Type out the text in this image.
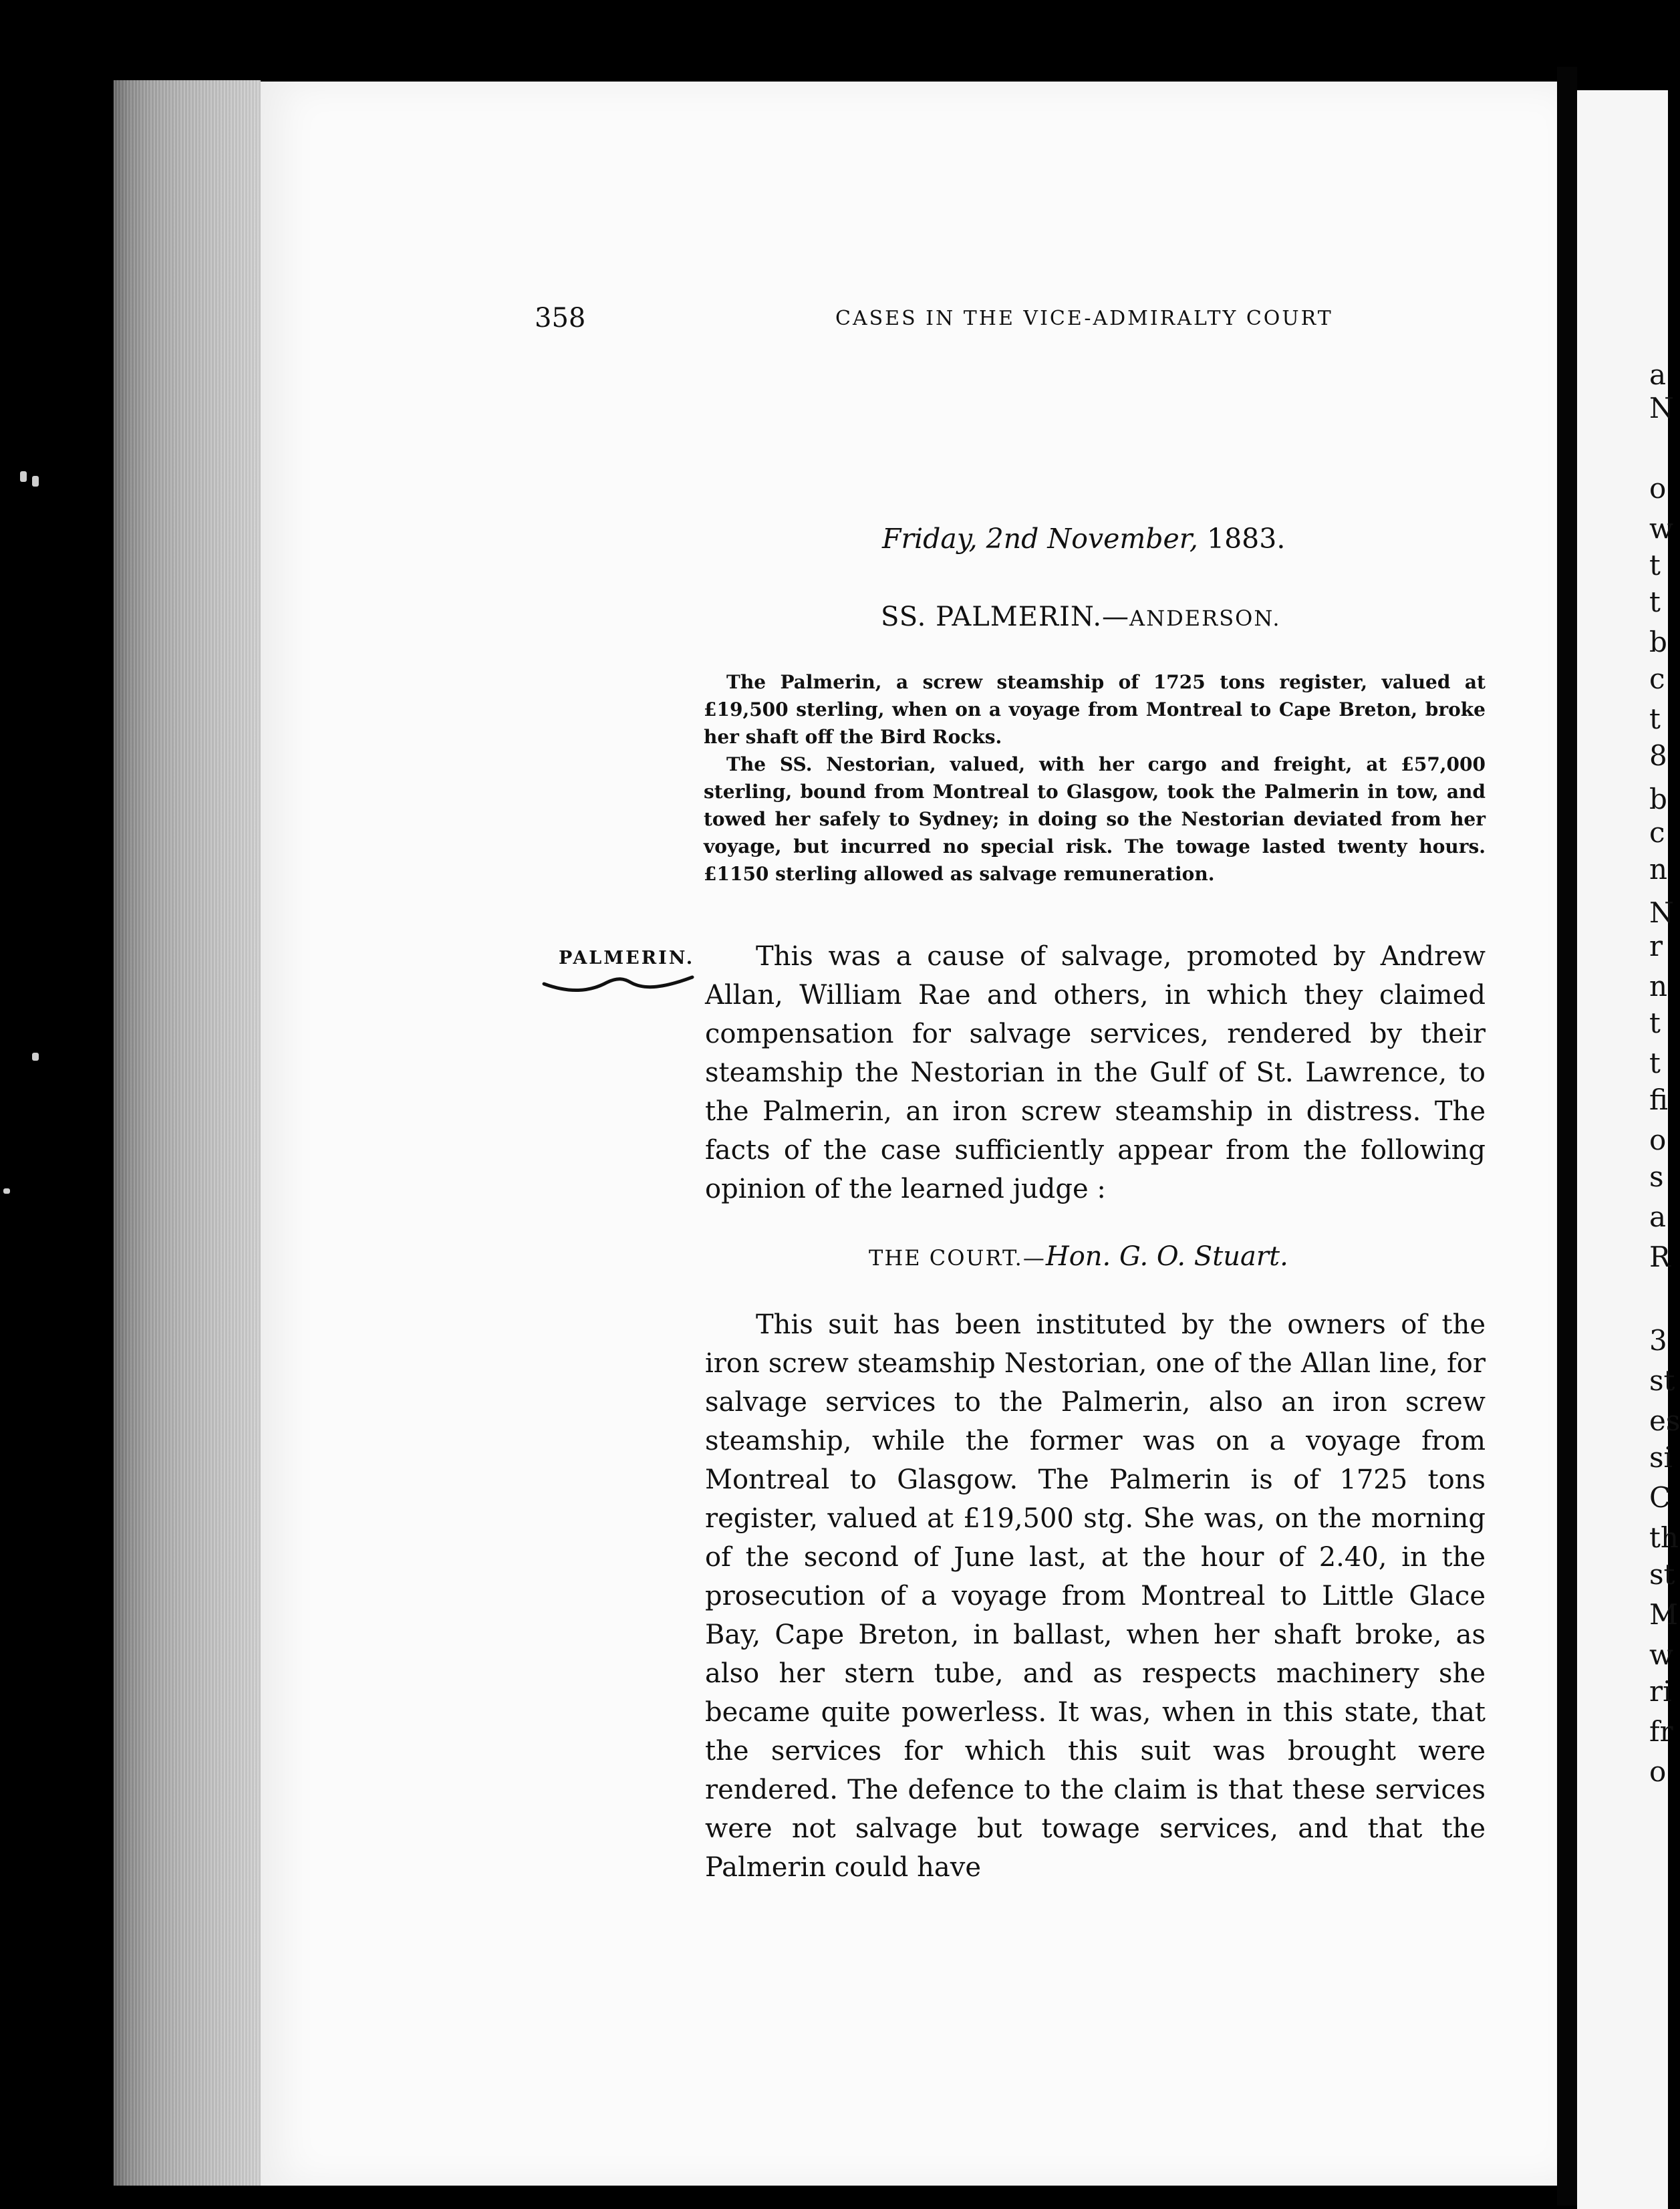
a
N
o
w
t
t
b
c
t
8
b
c
n
N
r
n
t
t
fi
o
s
a
R
3
st
es
si
C
th
st
M
w
ri
fr
o
358	CASES IN THE VICE-ADMIRALTY COURT
Friday, 2nd November, 1883.
SS. PALMERIN.—ANDERSON.

The Palmerin, a screw steamship of 1725 tons register, valued at £19,500 sterling, when on a voyage from Montreal to Cape Breton, broke her shaft off the Bird Rocks.

The SS. Nestorian, valued, with her cargo and freight, at £57,000 sterling, bound from Montreal to Glasgow, took the Palmerin in tow, and towed her safely to Sydney; in doing so the Nestorian deviated from her voyage, but incurred no special risk. The towage lasted twenty hours. £1150 sterling allowed as salvage remuneration.

PALMERIN.	This was a cause of salvage, promoted by Andrew Allan, William Rae and others, in which they claimed compensation for salvage services, rendered by their steamship the Nestorian in the Gulf of St. Lawrence, to the Palmerin, an iron screw steamship in distress. The facts of the case sufficiently appear from the following opinion of the learned judge :

THE COURT.—Hon. G. O. Stuart.

This suit has been instituted by the owners of the iron screw steamship Nestorian, one of the Allan line, for salvage services to the Palmerin, also an iron screw steamship, while the former was on a voyage from Montreal to Glasgow. The Palmerin is of 1725 tons register, valued at £19,500 stg. She was, on the morning of the second of June last, at the hour of 2.40, in the prosecution of a voyage from Montreal to Little Glace Bay, Cape Breton, in ballast, when her shaft broke, as also her stern tube, and as respects machinery she became quite powerless. It was, when in this state, that the services for which this suit was brought were rendered. The defence to the claim is that these services were not salvage but towage services, and that the Palmerin could have
